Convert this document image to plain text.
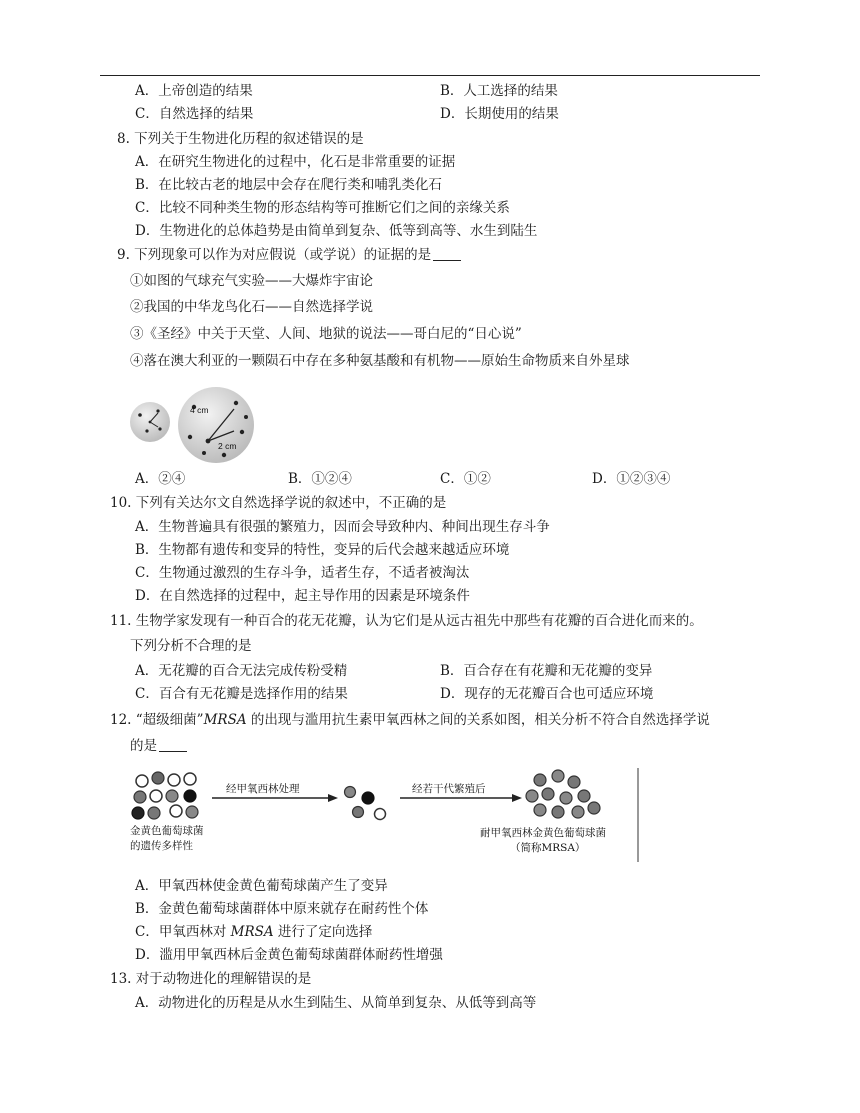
A．上帝创造的结果	B．人工选择的结果
C．自然选择的结果	D．长期使用的结果
8. 下列关于生物进化历程的叙述错误的是
A．在研究生物进化的过程中，化石是非常重要的证据
B．在比较古老的地层中会存在爬行类和哺乳类化石
C．比较不同种类生物的形态结构等可推断它们之间的亲缘关系
D．生物进化的总体趋势是由简单到复杂、低等到高等、水生到陆生
9. 下列现象可以作为对应假说（或学说）的证据的是
①如图的气球充气实验——大爆炸宇宙论
②我国的中华龙鸟化石——自然选择学说
③《圣经》中关于天堂、人间、地狱的说法——哥白尼的“日心说”
④落在澳大利亚的一颗陨石中存在多种氨基酸和有机物——原始生命物质来自外星球
4 cm
2 cm
A．②④	B．①②④	C．①②	D．①②③④
10. 下列有关达尔文自然选择学说的叙述中，不正确的是
A．生物普遍具有很强的繁殖力，因而会导致种内、种间出现生存斗争
B．生物都有遗传和变异的特性，变异的后代会越来越适应环境
C．生物通过激烈的生存斗争，适者生存，不适者被淘汰
D．在自然选择的过程中，起主导作用的因素是环境条件
11. 生物学家发现有一种百合的花无花瓣，认为它们是从远古祖先中那些有花瓣的百合进化而来的。
下列分析不合理的是
A．无花瓣的百合无法完成传粉受精	B．百合存在有花瓣和无花瓣的变异
C．百合有无花瓣是选择作用的结果	D．现存的无花瓣百合也可适应环境
12. “超级细菌”MRSA 的出现与滥用抗生素甲氧西林之间的关系如图，相关分析不符合自然选择学说
的是
金黄色葡萄球菌
的遗传多样性
经甲氧西林处理	经若干代繁殖后
耐甲氧西林金黄色葡萄球菌
（简称MRSA）
A．甲氧西林使金黄色葡萄球菌产生了变异
B．金黄色葡萄球菌群体中原来就存在耐药性个体
C．甲氧西林对 MRSA 进行了定向选择
D．滥用甲氧西林后金黄色葡萄球菌群体耐药性增强
13. 对于动物进化的理解错误的是
A．动物进化的历程是从水生到陆生、从简单到复杂、从低等到高等
